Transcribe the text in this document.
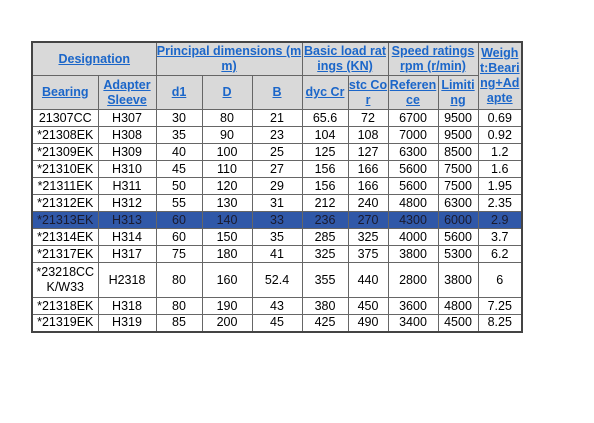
Designation		Principal dimensions (mm)			Basic load ratings (KN)		Speed ratings rpm (r/min)		Weight:Bearing+Adapte
Bearing	Adapter Sleeve	d1	D	B	dyc Cr	stc Cor	Reference	Limiting	
21307CC	H307	30	80	21	65.6	72	6700	9500	0.69
*21308EK	H308	35	90	23	104	108	7000	9500	0.92
*21309EK	H309	40	100	25	125	127	6300	8500	1.2
*21310EK	H310	45	110	27	156	166	5600	7500	1.6
*21311EK	H311	50	120	29	156	166	5600	7500	1.95
*21312EK	H312	55	130	31	212	240	4800	6300	2.35
*21313EK	H313	60	140	33	236	270	4300	6000	2.9
*21314EK	H314	60	150	35	285	325	4000	5600	3.7
*21317EK	H317	75	180	41	325	375	3800	5300	6.2
*23218CC K/W33	H2318	80	160	52.4	355	440	2800	3800	6
*21318EK	H318	80	190	43	380	450	3600	4800	7.25
*21319EK	H319	85	200	45	425	490	3400	4500	8.25
